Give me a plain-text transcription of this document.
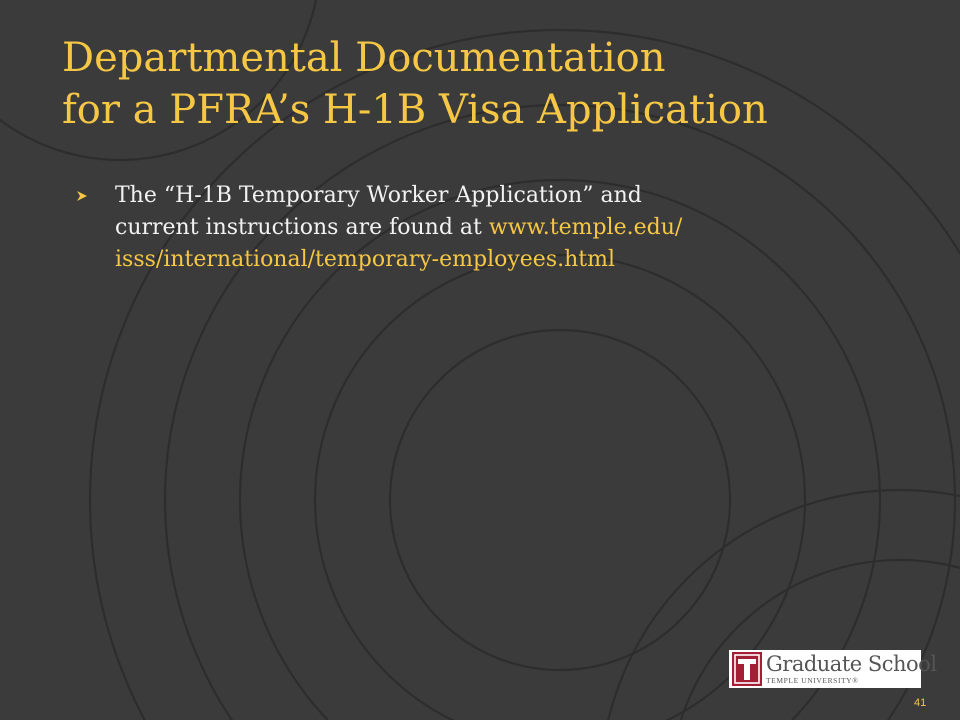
Departmental Documentation
for a PFRA’s H-1B Visa Application
The “H-1B Temporary Worker Application” and
current instructions are found at www.temple.edu/
isss/international/temporary-employees.html
Graduate School
TEMPLE UNIVERSITY®
41
